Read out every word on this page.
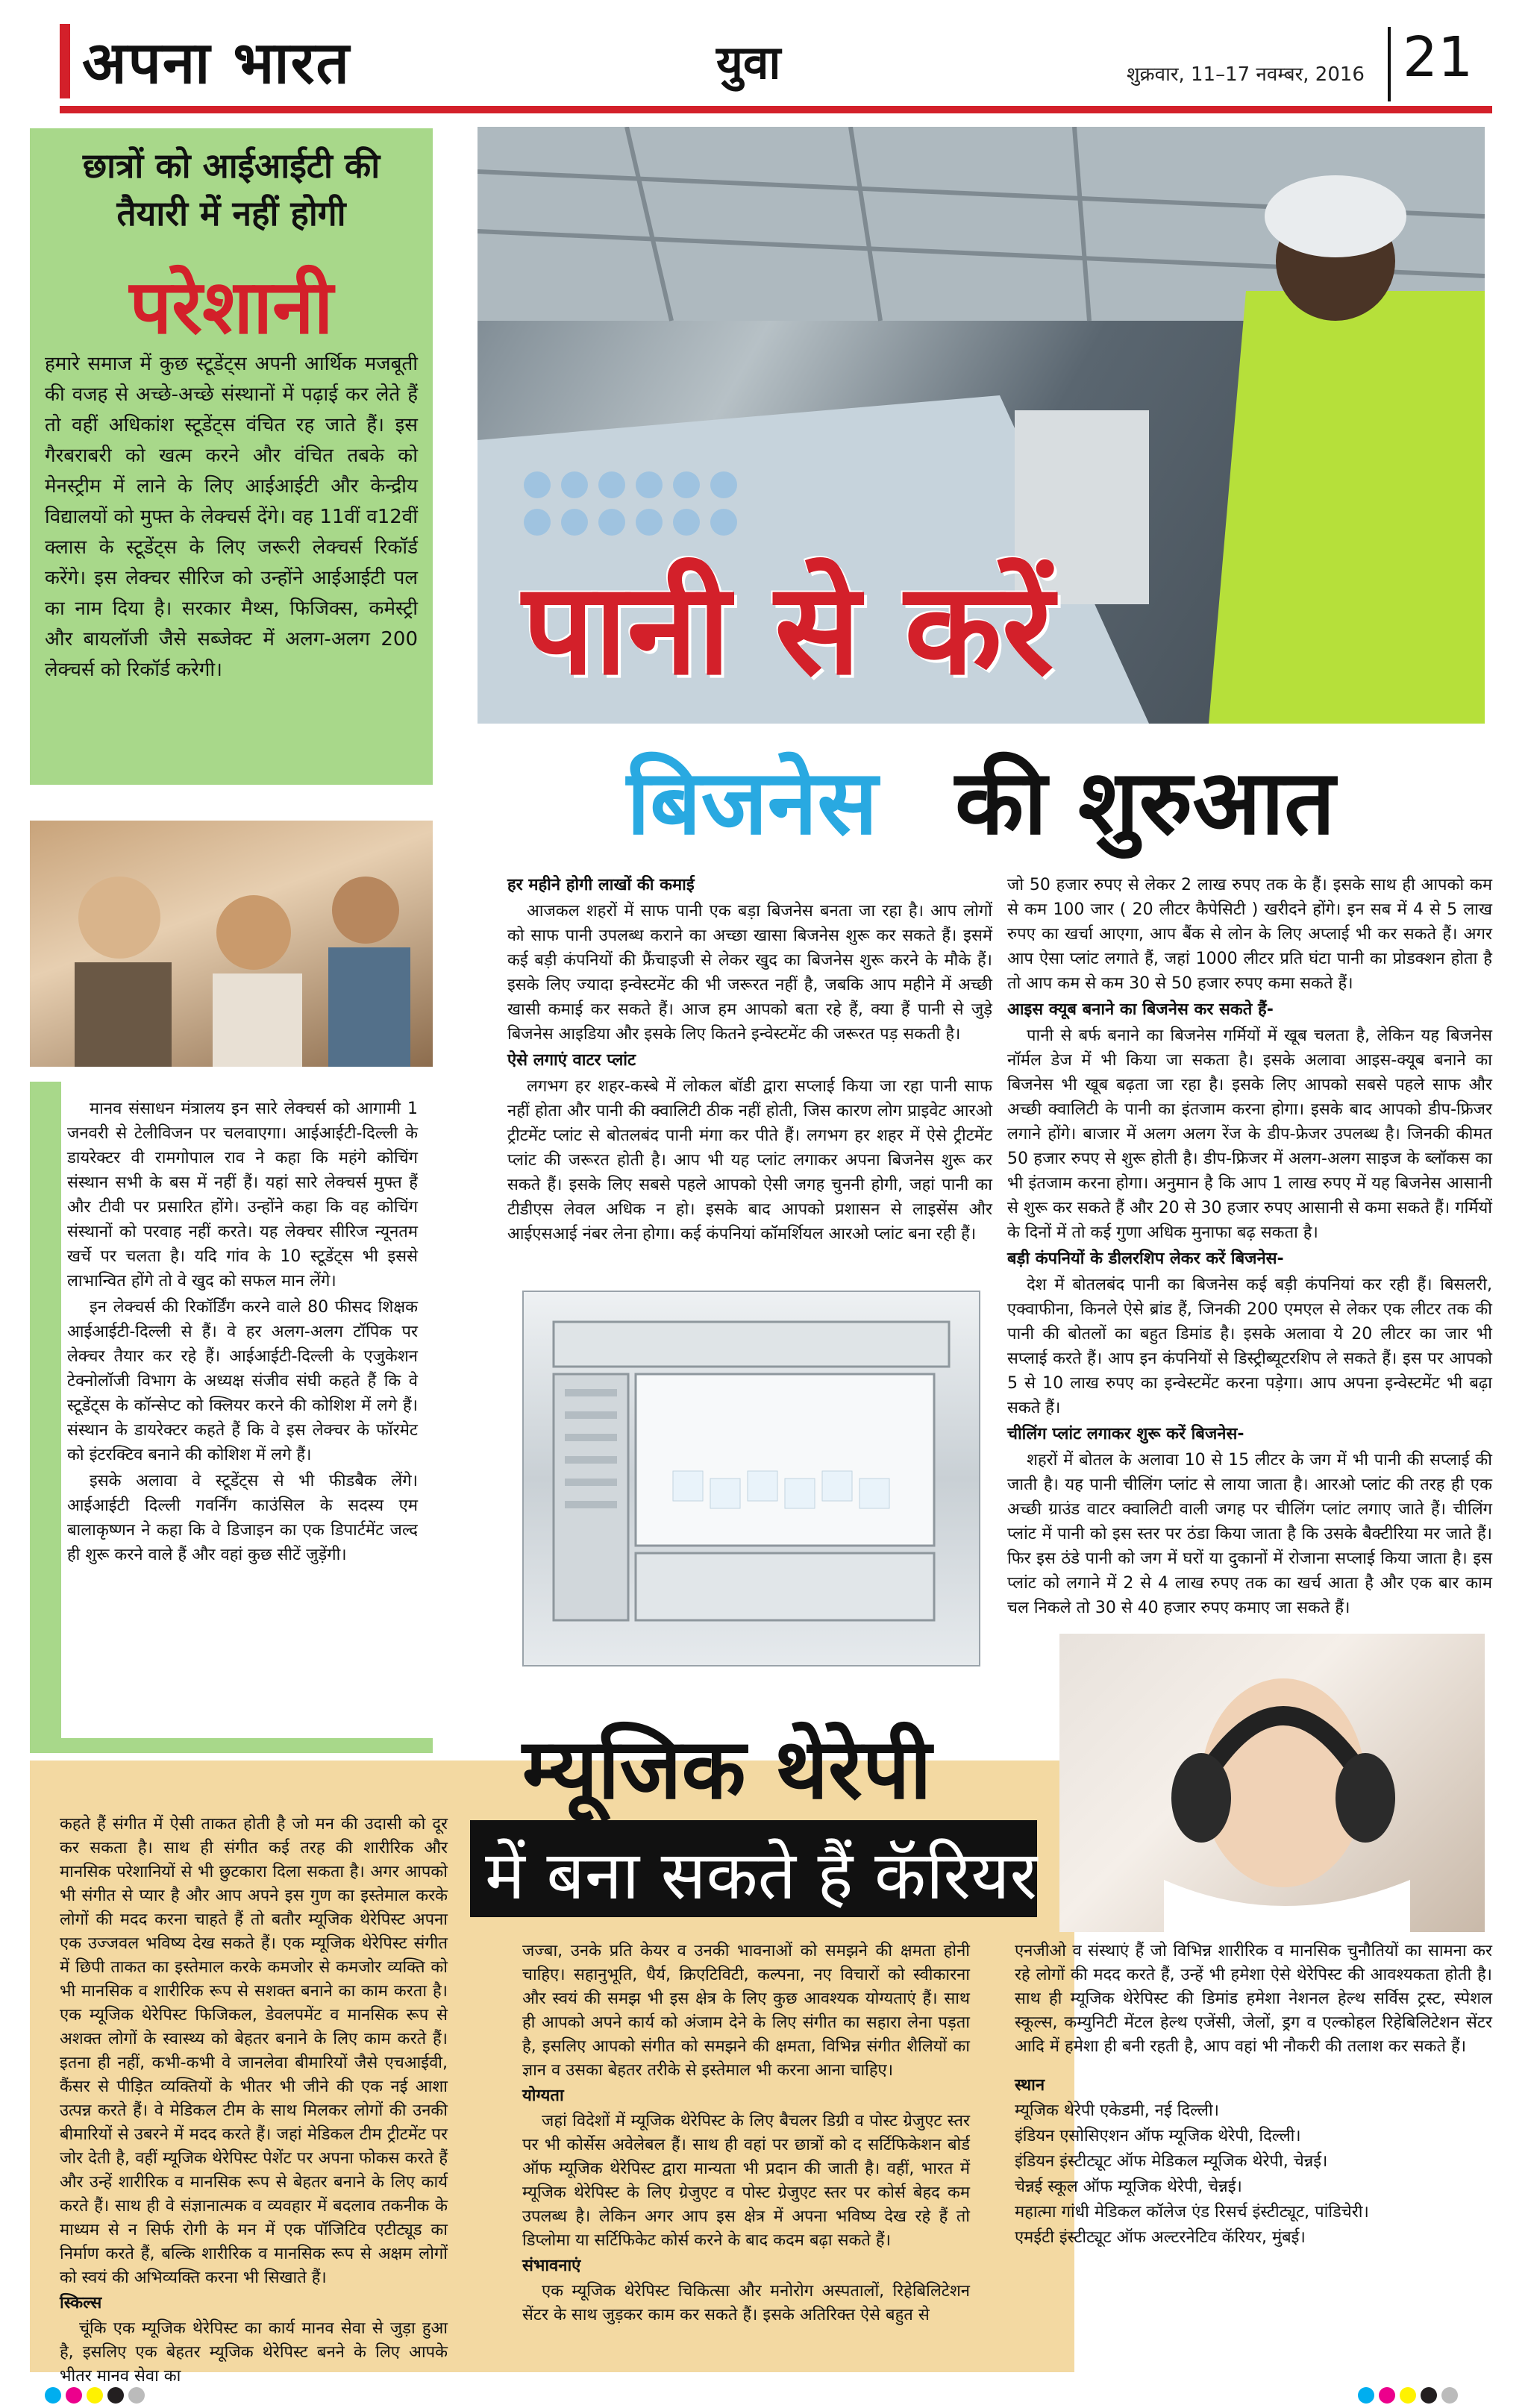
अपना भारत	युवा	शुक्रवार, 11–17 नवम्बर, 2016 21
छात्रों को आईआईटी की तैयारी में नहीं होगी
परेशानी
हमारे समाज में कुछ स्टूडेंट्स अपनी आर्थिक मजबूती की वजह से अच्छे-अच्छे संस्थानों में पढ़ाई कर लेते हैं तो वहीं अधिकांश स्टूडेंट्स वंचित रह जाते हैं। इस गैरबराबरी को खत्म करने और वंचित तबके को मेनस्ट्रीम में लाने के लिए आईआईटी और केन्द्रीय विद्यालयों को मुफ्त के लेक्चर्स देंगे। वह 11वीं व12वीं क्लास के स्टूडेंट्स के लिए जरूरी लेक्चर्स रिकॉर्ड करेंगे। इस लेक्चर सीरिज को उन्होंने आईआईटी पल का नाम दिया है। सरकार मैथ्स, फिजिक्स, कमेस्ट्री और बायलॉजी जैसे सब्जेक्ट में अलग-अलग 200 लेक्चर्स को रिकॉर्ड करेगी।	पानी से करें
बिजनेस की शुरुआत

मानव संसाधन मंत्रालय इन सारे लेक्चर्स को आगामी 1 जनवरी से टेलीविजन पर चलवाएगा। आईआईटी-दिल्ली के डायरेक्टर वी रामगोपाल राव ने कहा कि महंगे कोचिंग संस्थान सभी के बस में नहीं हैं। यहां सारे लेक्चर्स मुफ्त हैं और टीवी पर प्रसारित होंगे। उन्होंने कहा कि वह कोचिंग संस्थानों को परवाह नहीं करते। यह लेक्चर सीरिज न्यूनतम खर्चे पर चलता है। यदि गांव के 10 स्टूडेंट्स भी इससे लाभान्वित होंगे तो वे खुद को सफल मान लेंगे।

इन लेक्चर्स की रिकॉर्डिंग करने वाले 80 फीसद शिक्षक आईआईटी-दिल्ली से हैं। वे हर अलग-अलग टॉपिक पर लेक्चर तैयार कर रहे हैं। आईआईटी-दिल्ली के एजुकेशन टेक्नोलॉजी विभाग के अध्यक्ष संजीव संघी कहते हैं कि वे स्टूडेंट्स के कॉन्सेप्ट को क्लियर करने की कोशिश में लगे हैं। संस्थान के डायरेक्टर कहते हैं कि वे इस लेक्चर के फॉरमेट को इंटरक्टिव बनाने की कोशिश में लगे हैं।

इसके अलावा वे स्टूडेंट्स से भी फीडबैक लेंगे। आईआईटी दिल्ली गवर्निंग काउंसिल के सदस्य एम बालाकृष्णन ने कहा कि वे डिजाइन का एक डिपार्टमेंट जल्द ही शुरू करने वाले हैं और वहां कुछ सीटें जुड़ेंगी।

हर महीने होगी लाखों की कमाई

आजकल शहरों में साफ पानी एक बड़ा बिजनेस बनता जा रहा है। आप लोगों को साफ पानी उपलब्ध कराने का अच्छा खासा बिजनेस शुरू कर सकते हैं। इसमें कई बड़ी कंपनियों की फ्रैंचाइजी से लेकर खुद का बिजनेस शुरू करने के मौके हैं। इसके लिए ज्यादा इन्वेस्टमेंट की भी जरूरत नहीं है, जबकि आप महीने में अच्छी खासी कमाई कर सकते हैं। आज हम आपको बता रहे हैं, क्या हैं पानी से जुड़े बिजनेस आइडिया और इसके लिए कितने इन्वेस्टमेंट की जरूरत पड़ सकती है।

ऐसे लगाएं वाटर प्लांट

लगभग हर शहर-कस्बे में लोकल बॉडी द्वारा सप्लाई किया जा रहा पानी साफ नहीं होता और पानी की क्वालिटी ठीक नहीं होती, जिस कारण लोग प्राइवेट आरओ ट्रीटमेंट प्लांट से बोतलबंद पानी मंगा कर पीते हैं। लगभग हर शहर में ऐसे ट्रीटमेंट प्लांट की जरूरत होती है। आप भी यह प्लांट लगाकर अपना बिजनेस शुरू कर सकते हैं। इसके लिए सबसे पहले आपको ऐसी जगह चुननी होगी, जहां पानी का टीडीएस लेवल अधिक न हो। इसके बाद आपको प्रशासन से लाइसेंस और आईएसआई नंबर लेना होगा। कई कंपनियां कॉमर्शियल आरओ प्लांट बना रही हैं।

जो 50 हजार रुपए से लेकर 2 लाख रुपए तक के हैं। इसके साथ ही आपको कम से कम 100 जार ( 20 लीटर कैपेसिटी ) खरीदने होंगे। इन सब में 4 से 5 लाख रुपए का खर्चा आएगा, आप बैंक से लोन के लिए अप्लाई भी कर सकते हैं। अगर आप ऐसा प्लांट लगाते हैं, जहां 1000 लीटर प्रति घंटा पानी का प्रोडक्शन होता है तो आप कम से कम 30 से 50 हजार रुपए कमा सकते हैं।

आइस क्यूब बनाने का बिजनेस कर सकते हैं-

पानी से बर्फ बनाने का बिजनेस गर्मियों में खूब चलता है, लेकिन यह बिजनेस नॉर्मल डेज में भी किया जा सकता है। इसके अलावा आइस-क्यूब बनाने का बिजनेस भी खूब बढ़ता जा रहा है। इसके लिए आपको सबसे पहले साफ और अच्छी क्वालिटी के पानी का इंतजाम करना होगा। इसके बाद आपको डीप-फ्रिजर लगाने होंगे। बाजार में अलग अलग रेंज के डीप-फ्रेजर उपलब्ध है। जिनकी कीमत 50 हजार रुपए से शुरू होती है। डीप-फ्रिजर में अलग-अलग साइज के ब्लॉकस का भी इंतजाम करना होगा। अनुमान है कि आप 1 लाख रुपए में यह बिजनेस आसानी से शुरू कर सकते हैं और 20 से 30 हजार रुपए आसानी से कमा सकते हैं। गर्मियों के दिनों में तो कई गुणा अधिक मुनाफा बढ़ सकता है।

बड़ी कंपनियों के डीलरशिप लेकर करें बिजनेस-

देश में बोतलबंद पानी का बिजनेस कई बड़ी कंपनियां कर रही हैं। बिसलरी, एक्वाफीना, किनले ऐसे ब्रांड हैं, जिनकी 200 एमएल से लेकर एक लीटर तक की पानी की बोतलों का बहुत डिमांड है। इसके अलावा ये 20 लीटर का जार भी सप्लाई करते हैं। आप इन कंपनियों से डिस्ट्रीब्यूटरशिप ले सकते हैं। इस पर आपको 5 से 10 लाख रुपए का इन्वेस्टमेंट करना पड़ेगा। आप अपना इन्वेस्टमेंट भी बढ़ा सकते हैं।

चीलिंग प्लांट लगाकर शुरू करें बिजनेस-

शहरों में बोतल के अलावा 10 से 15 लीटर के जग में भी पानी की सप्लाई की जाती है। यह पानी चीलिंग प्लांट से लाया जाता है। आरओ प्लांट की तरह ही एक अच्छी ग्राउंड वाटर क्वालिटी वाली जगह पर चीलिंग प्लांट लगाए जाते हैं। चीलिंग प्लांट में पानी को इस स्तर पर ठंडा किया जाता है कि उसके बैक्टीरिया मर जाते हैं। फिर इस ठंडे पानी को जग में घरों या दुकानों में रोजाना सप्लाई किया जाता है। इस प्लांट को लगाने में 2 से 4 लाख रुपए तक का खर्च आता है और एक बार काम चल निकले तो 30 से 40 हजार रुपए कमाए जा सकते हैं।

म्यूजिक थेरेपी
में बना सकते हैं कॅरियर

कहते हैं संगीत में ऐसी ताकत होती है जो मन की उदासी को दूर कर सकता है। साथ ही संगीत कई तरह की शारीरिक और मानसिक परेशानियों से भी छुटकारा दिला सकता है। अगर आपको भी संगीत से प्यार है और आप अपने इस गुण का इस्तेमाल करके लोगों की मदद करना चाहते हैं तो बतौर म्यूजिक थेरेपिस्ट अपना एक उज्जवल भविष्य देख सकते हैं। एक म्यूजिक थेरेपिस्ट संगीत में छिपी ताकत का इस्तेमाल करके कमजोर से कमजोर व्यक्ति को भी मानसिक व शारीरिक रूप से सशक्त बनाने का काम करता है। एक म्यूजिक थेरेपिस्ट फिजिकल, डेवलपमेंट व मानसिक रूप से अशक्त लोगों के स्वास्थ्य को बेहतर बनाने के लिए काम करते हैं। इतना ही नहीं, कभी-कभी वे जानलेवा बीमारियों जैसे एचआईवी, कैंसर से पीड़ित व्यक्तियों के भीतर भी जीने की एक नई आशा उत्पन्न करते हैं। वे मेडिकल टीम के साथ मिलकर लोगों की उनकी बीमारियों से उबरने में मदद करते हैं। जहां मेडिकल टीम ट्रीटमेंट पर जोर देती है, वहीं म्यूजिक थेरेपिस्ट पेशेंट पर अपना फोकस करते हैं और उन्हें शारीरिक व मानसिक रूप से बेहतर बनाने के लिए कार्य करते हैं। साथ ही वे संज्ञानात्मक व व्यवहार में बदलाव तकनीक के माध्यम से न सिर्फ रोगी के मन में एक पॉजिटिव एटीट्यूड का निर्माण करते हैं, बल्कि शारीरिक व मानसिक रूप से अक्षम लोगों को स्वयं की अभिव्यक्ति करना भी सिखाते हैं।

स्किल्स

चूंकि एक म्यूजिक थेरेपिस्ट का कार्य मानव सेवा से जुड़ा हुआ है, इसलिए एक बेहतर म्यूजिक थेरेपिस्ट बनने के लिए आपके भीतर मानव सेवा का

जज्बा, उनके प्रति केयर व उनकी भावनाओं को समझने की क्षमता होनी चाहिए। सहानुभूति, धैर्य, क्रिएटिविटी, कल्पना, नए विचारों को स्वीकारना और स्वयं की समझ भी इस क्षेत्र के लिए कुछ आवश्यक योग्यताएं हैं। साथ ही आपको अपने कार्य को अंजाम देने के लिए संगीत का सहारा लेना पड़ता है, इसलिए आपको संगीत को समझने की क्षमता, विभिन्न संगीत शैलियों का ज्ञान व उसका बेहतर तरीके से इस्तेमाल भी करना आना चाहिए।

योग्यता

जहां विदेशों में म्यूजिक थेरेपिस्ट के लिए बैचलर डिग्री व पोस्ट ग्रेजुएट स्तर पर भी कोर्सेस अवेलेबल हैं। साथ ही वहां पर छात्रों को द सर्टिफिकेशन बोर्ड ऑफ म्यूजिक थेरेपिस्ट द्वारा मान्यता भी प्रदान की जाती है। वहीं, भारत में म्यूजिक थेरेपिस्ट के लिए ग्रेजुएट व पोस्ट ग्रेजुएट स्तर पर कोर्स बेहद कम उपलब्ध है। लेकिन अगर आप इस क्षेत्र में अपना भविष्य देख रहे हैं तो डिप्लोमा या सर्टिफिकेट कोर्स करने के बाद कदम बढ़ा सकते हैं।

संभावनाएं

एक म्यूजिक थेरेपिस्ट चिकित्सा और मनोरोग अस्पतालों, रिहेबिलिटेशन सेंटर के साथ जुड़कर काम कर सकते हैं। इसके अतिरिक्त ऐसे बहुत से

एनजीओ व संस्थाएं हैं जो विभिन्न शारीरिक व मानसिक चुनौतियों का सामना कर रहे लोगों की मदद करते हैं, उन्हें भी हमेशा ऐसे थेरेपिस्ट की आवश्यकता होती है। साथ ही म्यूजिक थेरेपिस्ट की डिमांड हमेशा नेशनल हेल्थ सर्विस ट्रस्ट, स्पेशल स्कूल्स, कम्युनिटी मेंटल हेल्थ एजेंसी, जेलों, ड्रग व एल्कोहल रिहेबिलिटेशन सेंटर आदि में हमेशा ही बनी रहती है, आप वहां भी नौकरी की तलाश कर सकते हैं।

स्थान

म्यूजिक थेरेपी एकेडमी, नई दिल्ली।

इंडियन एसोसिएशन ऑफ म्यूजिक थेरेपी, दिल्ली।

इंडियन इंस्टीट्यूट ऑफ मेडिकल म्यूजिक थेरेपी, चेन्नई।

चेन्नई स्कूल ऑफ म्यूजिक थेरेपी, चेन्नई।

महात्मा गांधी मेडिकल कॉलेज एंड रिसर्च इंस्टीट्यूट, पांडिचेरी।

एमईटी इंस्टीट्यूट ऑफ अल्टरनेटिव कॅरियर, मुंबई।
